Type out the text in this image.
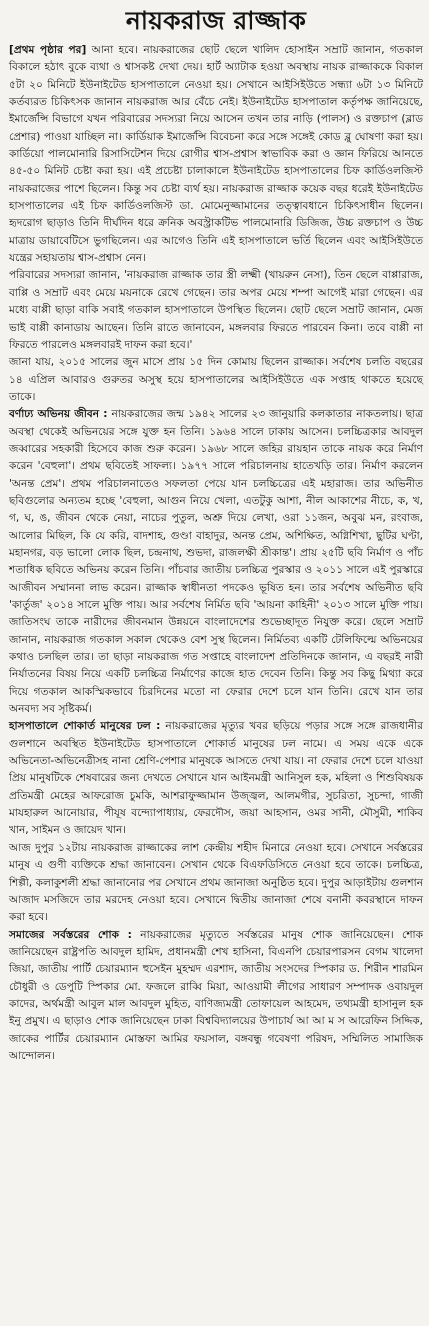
নায়করাজ রাজ্জাক

[প্রথম পৃষ্ঠার পর] আনা হবে। নায়করাজের ছোট ছেলে খালিদ হোসাইন সম্রাট জানান, গতকাল বিকালে হঠাৎ বুকে ব্যথা ও শ্বাসকষ্ট দেখা দেয়। হার্ট অ্যাটাক হওয়া অবস্থায় নায়ক রাজ্জাককে বিকাল ৫টা ২০ মিনিটে ইউনাইটেড হাসপাতালে নেওয়া হয়। সেখানে আইসিইউতে সন্ধ্যা ৬টা ১৩ মিনিটে কর্তব্যরত চিকিৎসক জানান নায়করাজ আর বেঁচে নেই। ইউনাইটেড হাসপাতাল কর্তৃপক্ষ জানিয়েছে, ইমার্জেন্সি বিভাগে যখন পরিবারের সদস্যরা নিয়ে আসেন তখন তার নাড়ি (পালস) ও রক্তচাপ (ব্লাড প্রেশার) পাওয়া যাচ্ছিল না। কার্ডিয়াক ইমার্জেন্সি বিবেচনা করে সঙ্গে সঙ্গেই কোড ব্লু ঘোষণা করা হয়। কার্ডিয়াে পালমোনারি রিসাসিটেশন দিয়ে রোগীর শ্বাস-প্রশ্বাস স্বাভাবিক করা ও জ্ঞান ফিরিয়ে আনতে ৪৫-৫০ মিনিট চেষ্টা করা হয়। এই প্রচেষ্টা চালাকালে ইউনাইটেড হাসপাতালের চিফ কার্ডিওলজিস্ট নায়করাজের পাশে ছিলেন। কিন্তু সব চেষ্টা ব্যর্থ হয়। নায়করাজ রাজ্জাক কয়েক বছর ধরেই ইউনাইটেড হাসপাতালের এই চিফ কার্ডিওলজিস্ট ডা. মোমেনুজ্জামানের তত্ত্বাবধানে চিকিৎসাধীন ছিলেন। হৃদরোগ ছাড়াও তিনি দীর্ঘদিন ধরে ক্রনিক অবস্ট্রাকটিভ পালমোনারি ডিজিজ, উচ্চ রক্তচাপ ও উচ্চ মাত্রায় ডায়াবেটিসে ভুগছিলেন। এর আগেও তিনি এই হাসপাতালে ভর্তি ছিলেন এবং আইসিইউতে যন্ত্রের সহায়তায় শ্বাস-প্রশ্বাস নেন।

পরিবারের সদস্যরা জানান, 'নায়করাজ রাজ্জাক তার স্ত্রী লক্ষ্মী (খায়রুন নেসা), তিন ছেলে বাপ্পারাজ, বাপ্পি ও সম্রাট এবং মেয়ে ময়নাকে রেখে গেছেন। তার অপর মেয়ে শম্পা আগেই মারা গেছেন। এর মধ্যে বাপ্পী ছাড়া বাকি সবাই গতকাল হাসপাতালে উপস্থিত ছিলেন। ছোট ছেলে সম্রাট জানান, মেজ ভাই বাপ্পী কানাডায় আছেন। তিনি রাতে জানাবেন, মঙ্গলবার ফিরতে পারবেন কিনা। তবে বাপ্পী না ফিরতে পারলেও মঙ্গলবারই দাফন করা হবে।'

জানা যায়, ২০১৫ সালের জুন মাসে প্রায় ১৫ দিন কোমায় ছিলেন রাজ্জাক। সর্বশেষ চলতি বছরের ১৪ এপ্রিল আবারও গুরুতর অসুস্থ হয়ে হাসপাতালের আইসিইউতে এক সপ্তাহ থাকতে হয়েছে তাকে।

বর্ণাঢ্য অভিনয় জীবন : নায়করাজের জন্ম ১৯৪২ সালের ২৩ জানুয়ারি কলকাতার নাকতলায়। ছাত্র অবস্থা থেকেই অভিনয়ের সঙ্গে যুক্ত হন তিনি। ১৯৬৪ সালে ঢাকায় আসেন। চলচ্চিত্রকার আবদুল জব্বারের সহকারী হিসেবে কাজ শুরু করেন। ১৯৬৮ সালে জহির রায়হান তাকে নায়ক করে নির্মাণ করেন 'বেহুলা'। প্রথম ছবিতেই সাফল্য। ১৯৭৭ সালে পরিচালনায় হাতেখড়ি তার। নির্মাণ করলেন 'অনন্ত প্রেম'। প্রথম পরিচালনাতেও সফলতা পেয়ে যান চলচ্চিত্রের এই মহারাজ। তার অভিনীত ছবিগুলোর অন্যতম হচ্ছে 'বেহুলা, আগুন নিয়ে খেলা, এতটুকু আশা, নীল আকাশের নীচে, ক, খ, গ, ঘ, ঙ, জীবন থেকে নেয়া, নাচের পুতুল, অশ্রু দিয়ে লেখা, ওরা ১১জন, অবুঝ মন, রংবাজ, আলোর মিছিল, কি যে করি, বাদশাহ, গুণ্ডা বাহাদুর, অনন্ত প্রেম, অশিক্ষিত, অগ্নিশিখা, ছুটির ঘণ্টা, মহানগর, বড় ভালো লোক ছিল, চন্দ্রনাথ, শুভদা, রাজলক্ষী শ্রীকান্ত'। প্রায় ২৫টি ছবি নির্মাণ ও পাঁচ শতাধিক ছবিতে অভিনয় করেন তিনি। পাঁচবার জাতীয় চলচ্চিত্র পুরস্কার ও ২০১১ সালে এই পুরস্কারে আজীবন সম্মাননা লাভ করেন। রাজ্জাক স্বাধীনতা পদকেও ভূষিত হন। তার সর্বশেষ অভিনীত ছবি 'কার্তুজ' ২০১৪ সালে মুক্তি পায়। আর সর্বশেষ নির্মিত ছবি 'আয়না কাহিনী' ২০১৩ সালে মুক্তি পায়। জাতিসংঘ তাকে নারীদের জীবনমান উন্নয়নে বাংলাদেশের শুভেচ্ছাদূত নিযুক্ত করে। ছেলে সম্রাট জানান, নায়করাজ গতকাল সকাল থেকেও বেশ সুস্থ ছিলেন। নির্মিতব্য একটি টেলিফিল্মে অভিনয়ের কথাও চলছিল তার। তা ছাড়া নায়করাজ গত সপ্তাহে বাংলাদেশ প্রতিদিনকে জানান, এ বছরই নারী নির্যাতনের বিষয় নিয়ে একটি চলচ্চিত্র নির্মাণের কাজে হাত দেবেন তিনি। কিন্তু সব কিছু মিথ্যা করে দিয়ে গতকাল আকস্মিকভাবে চিরদিনের মতো না ফেরার দেশে চলে যান তিনি। রেখে যান তার অনবদ্য সব সৃষ্টিকর্ম।

হাসপাতালে শোকার্ত মানুষের ঢল : নায়করাজের মৃত্যুর খবর ছড়িয়ে পড়ার সঙ্গে সঙ্গে রাজধানীর গুলশানে অবস্থিত ইউনাইটেড হাসপাতালে শোকার্ত মানুষের ঢল নামে। এ সময় একে একে অভিনেতা-অভিনেত্রীসহ নানা শ্রেণি-পেশার মানুষকে আসতে দেখা যায়। না ফেরার দেশে চলে যাওয়া প্রিয় মানুষটিকে শেষবারের জন্য দেখতে সেখানে যান আইনমন্ত্রী আনিসুল হক, মহিলা ও শিশুবিষয়ক প্রতিমন্ত্রী মেহের আফরোজ চুমকি, আশরাফুজ্জামান উজ্জ্বল, আলমগীর, সুচরিতা, সুচন্দা, গাজী মাযহারুল আনোয়ার, পীযূষ বন্দ্যোপাধ্যায়, ফেরদৌস, জয়া আহসান, ওমর সানী, মৌসুমী, শাকিব খান, সাইমন ও জায়েদ খান।

আজ দুপুর ১২টায় নায়করাজ রাজ্জাকের লাশ কেন্দ্রীয় শহীদ মিনারে নেওয়া হবে। সেখানে সর্বস্তরের মানুষ এ গুণী ব্যক্তিকে শ্রদ্ধা জানাবেন। সেখান থেকে বিএফডিসিতে নেওয়া হবে তাকে। চলচ্চিত্র, শিল্পী, কলাকুশলী শ্রদ্ধা জানানোর পর সেখানে প্রথম জানাজা অনুষ্ঠিত হবে। দুপুর আড়াইটায় গুলশান আজাদ মসজিদে তার মরদেহ নেওয়া হবে। সেখানে দ্বিতীয় জানাজা শেষে বনানী কবরস্থানে দাফন করা হবে।

সমাজের সর্বস্তরের শোক : নায়করাজের মৃত্যুতে সর্বস্তরের মানুষ শোক জানিয়েছেন। শোক জানিয়েছেন রাষ্ট্রপতি আবদুল হামিদ, প্রধানমন্ত্রী শেখ হাসিনা, বিএনপি চেয়ারপারসন বেগম খালেদা জিয়া, জাতীয় পার্টি চেয়ারম্যান হুসেইন মুহম্মদ এরশাদ, জাতীয় সংসদের স্পিকার ড. শিরীন শারমিন চৌধুরী ও ডেপুটি স্পিকার মো. ফজলে রাব্বি মিয়া, আওয়ামী লীগের সাধারণ সম্পাদক ওবায়দুল কাদের, অর্থমন্ত্রী আবুল মাল আবদুল মুহিত, বাণিজ্যমন্ত্রী তোফায়েল আহমেদ, তথ্যমন্ত্রী হাসানুল হক ইনু প্রমুখ। এ ছাড়াও শোক জানিয়েছেন ঢাকা বিশ্ববিদ্যালয়ের উপাচার্য আ আ ম স আরেফিন সিদ্দিক, জাকের পার্টির চেয়ারম্যান মোস্তফা আমির ফয়সাল, বঙ্গবন্ধু গবেষণা পরিষদ, সম্মিলিত সামাজিক আন্দোলন।
